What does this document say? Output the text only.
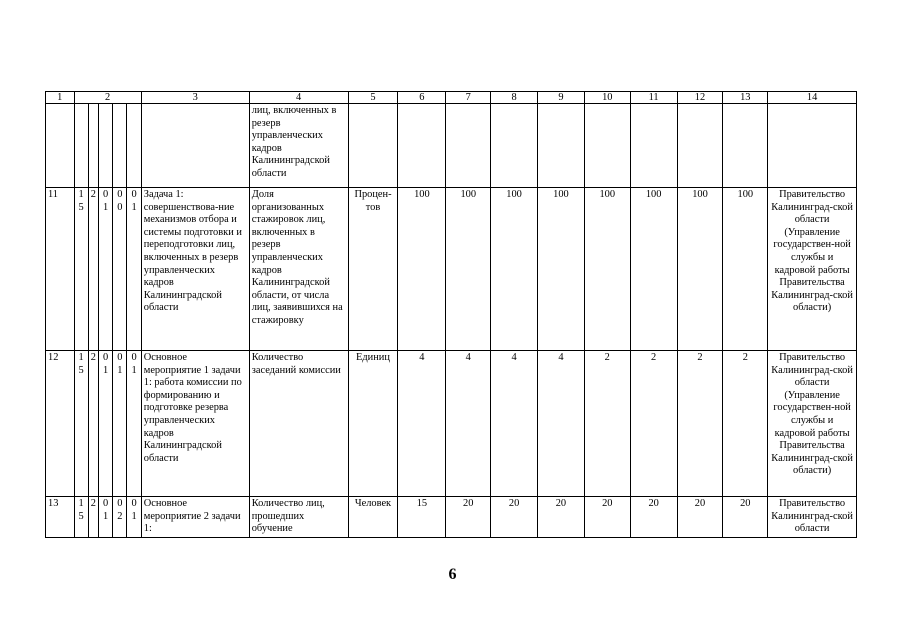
1	2					3	4	5	6	7	8	9	10	11	12	13	14
							лиц, включенных в резерв управленческих кадров Калининградской области										
11	15	2	01	00	01	Задача 1: совершенствова-ние механизмов отбора и системы подготовки и переподготовки лиц, включенных в резерв управленческих кадров Калининградской области	Доля организованных стажировок лиц, включенных в резерв управленческих кадров Калининградской области, от числа лиц, заявившихся на стажировку	Процен-тов	100	100	100	100	100	100	100	100	Правительство Калининград-ской области (Управление государствен-ной службы и кадровой работы Правительства Калининград-ской области)
12	15	2	01	01	01	Основное мероприятие 1 задачи 1: работа комиссии по формированию и подготовке резерва управленческих кадров Калининградской области	Количество заседаний комиссии	Единиц	4	4	4	4	2	2	2	2	Правительство Калининград-ской области (Управление государствен-ной службы и кадровой работы Правительства Калининград-ской области)
13	15	2	01	02	01	Основное мероприятие 2 задачи 1:	Количество лиц, прошедших обучение	Человек	15	20	20	20	20	20	20	20	Правительство Калининград-ской области
6
